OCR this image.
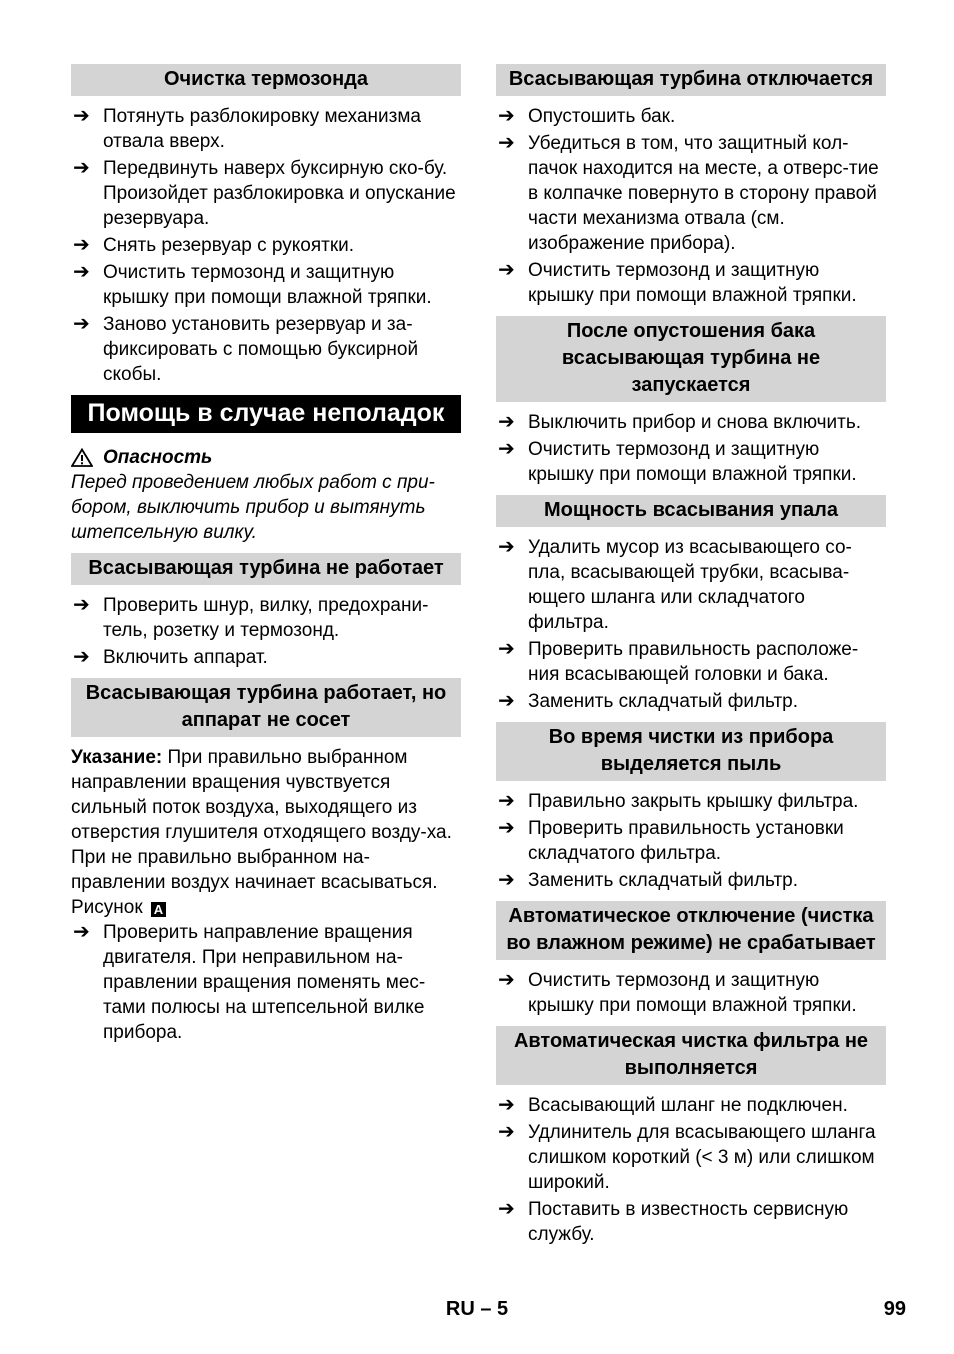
Очистка термозонда
➔ Потянуть разблокировку механизма отвала вверх.
➔ Передвинуть наверх буксирную ско-бу. Произойдет разблокировка и опускание резервуара.
➔ Снять резервуар с рукоятки.
➔ Очистить термозонд и защитную крышку при помощи влажной тряпки.
➔ Заново установить резервуар и за-фиксировать с помощью буксирной скобы.
Помощь в случае неполадок
Опасность
Перед проведением любых работ с при-бором, выключить прибор и вытянуть штепсельную вилку.
Всасывающая турбина не работает
➔ Проверить шнур, вилку, предохрани-тель, розетку и термозонд.
➔ Включить аппарат.
Всасывающая турбина работает, но аппарат не сосет
Указание: При правильно выбранном направлении вращения чувствуется сильный поток воздуха, выходящего из отверстия глушителя отходящего возду-ха. При не правильно выбранном на-правлении воздух начинает всасываться.
Рисунок A
➔ Проверить направление вращения двигателя. При неправильном на-правлении вращения поменять мес-тами полюсы на штепсельной вилке прибора.
Всасывающая турбина отключается
➔ Опустошить бак.
➔ Убедиться в том, что защитный кол-пачок находится на месте, а отверс-тие в колпачке повернуто в сторону правой части механизма отвала (см. изображение прибора).
➔ Очистить термозонд и защитную крышку при помощи влажной тряпки.
После опустошения бака всасывающая турбина не запускается
➔ Выключить прибор и снова включить.
➔ Очистить термозонд и защитную крышку при помощи влажной тряпки.
Мощность всасывания упала
➔ Удалить мусор из всасывающего со-пла, всасывающей трубки, всасыва-ющего шланга или складчатого фильтра.
➔ Проверить правильность расположе-ния всасывающей головки и бака.
➔ Заменить складчатый фильтр.
Во время чистки из прибора выделяется пыль
➔ Правильно закрыть крышку фильтра.
➔ Проверить правильность установки складчатого фильтра.
➔ Заменить складчатый фильтр.
Автоматическое отключение (чистка во влажном режиме) не срабатывает
➔ Очистить термозонд и защитную крышку при помощи влажной тряпки.
Автоматическая чистка фильтра не выполняется
➔ Всасывающий шланг не подключен.
➔ Удлинитель для всасывающего шланга слишком короткий (< 3 м) или слишком широкий.
➔ Поставить в известность сервисную службу.
RU – 5	99
